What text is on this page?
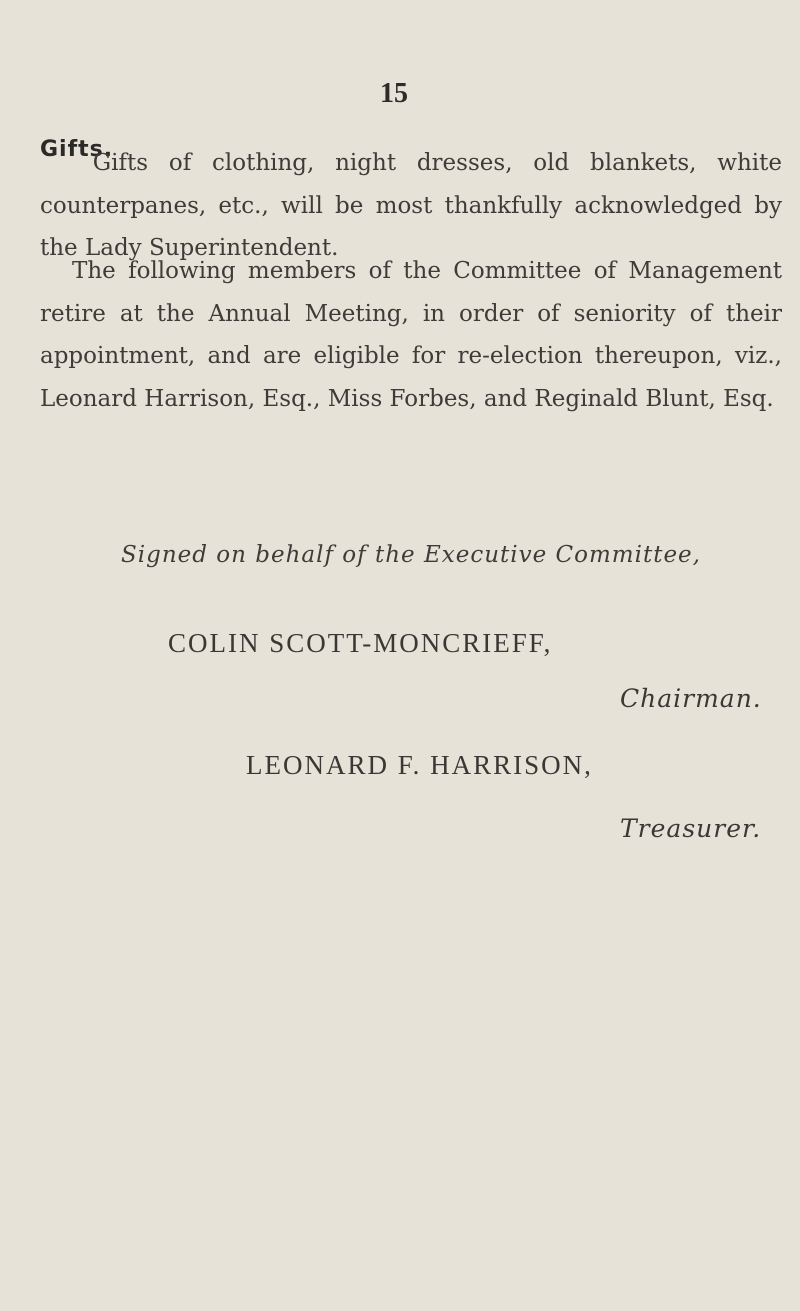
15
Gifts.

Gifts of clothing, night dresses, old blankets, white counterpanes, etc., will be most thankfully acknowledged by the Lady Superintendent.

The following members of the Committee of Management retire at the Annual Meeting, in order of seniority of their appointment, and are eligible for re-election thereupon, viz., Leonard Harrison, Esq., Miss Forbes, and Reginald Blunt, Esq.

Signed on behalf of the Executive Committee,

COLIN SCOTT-MONCRIEFF,

Chairman.

LEONARD F. HARRISON,

Treasurer.
